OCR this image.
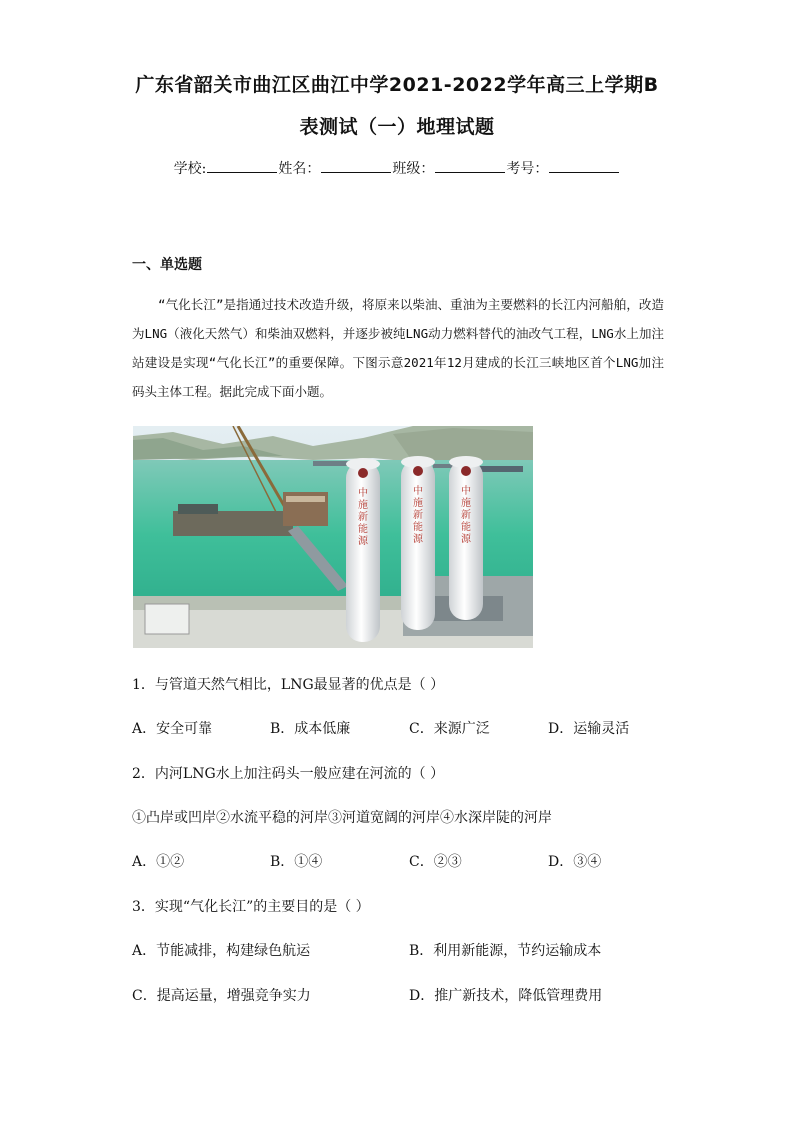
广东省韶关市曲江区曲江中学2021-2022学年高三上学期B
表测试（一）地理试题
学校:	姓名：	班级：	考号：
一、单选题
“气化长江”是指通过技术改造升级，将原来以柴油、重油为主要燃料的长江内河船舶，改造为LNG（液化天然气）和柴油双燃料，并逐步被纯LNG动力燃料替代的油改气工程，LNG水上加注站建设是实现“气化长江”的重要保障。下图示意2021年12月建成的长江三峡地区首个LNG加注码头主体工程。据此完成下面小题。
中施新能源
中施新能源
中施新能源
1．与管道天然气相比，LNG最显著的优点是（ ）
A．安全可靠	B．成本低廉	C．来源广泛	D．运输灵活
2．内河LNG水上加注码头一般应建在河流的（ ）
①凸岸或凹岸②水流平稳的河岸③河道宽阔的河岸④水深岸陡的河岸
A．①②	B．①④	C．②③	D．③④
3．实现“气化长江”的主要目的是（ ）
A．节能减排，构建绿色航运	B．利用新能源，节约运输成本
C．提高运量，增强竞争实力	D．推广新技术，降低管理费用
